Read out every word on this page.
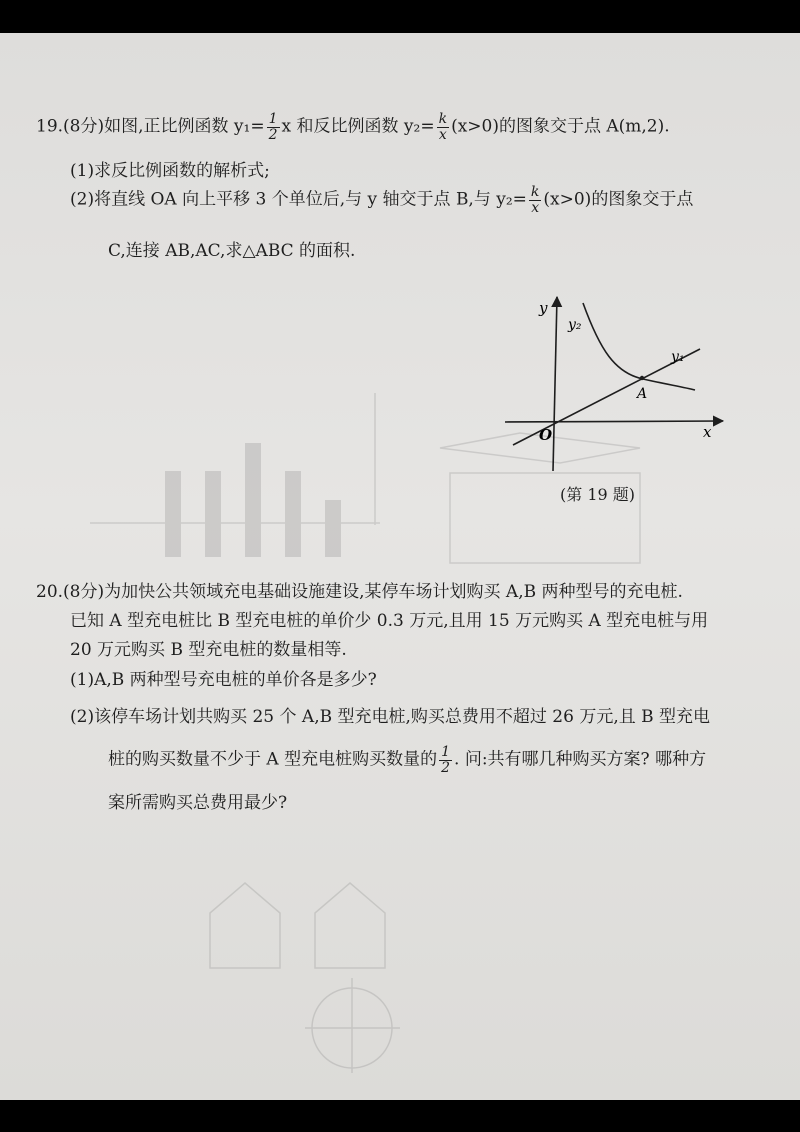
19.(8分)如图,正比例函数 $y_1= \frac{1}{2}$ x 和反比例函数 $y_2= \frac{k}{x} (x>0)$的图象交于点 A(m,2).
(1)求反比例函数的解析式;
(2)将直线 OA 向上平移 3 个单位后,与 y 轴交于点 B,与 $y_2= \frac{k}{x} (x>0)$的图象交于点
C,连接 AB,AC,求△ABC 的面积.
y
x
O
A
y₁
y₂
(第 19 题)
20.(8分)为加快公共领域充电基础设施建设,某停车场计划购买 A,B 两种型号的充电桩.
已知 A 型充电桩比 B 型充电桩的单价少 0.3 万元,且用 15 万元购买 A 型充电桩与用
20 万元购买 B 型充电桩的数量相等.
(1)A,B 两种型号充电桩的单价各是多少?
(2)该停车场计划共购买 25 个 A,B 型充电桩,购买总费用不超过 26 万元,且 B 型充电
桩的购买数量不少于 A 型充电桩购买数量的 $\frac{1}{2}$ . 问:共有哪几种购买方案? 哪种方
案所需购买总费用最少?
